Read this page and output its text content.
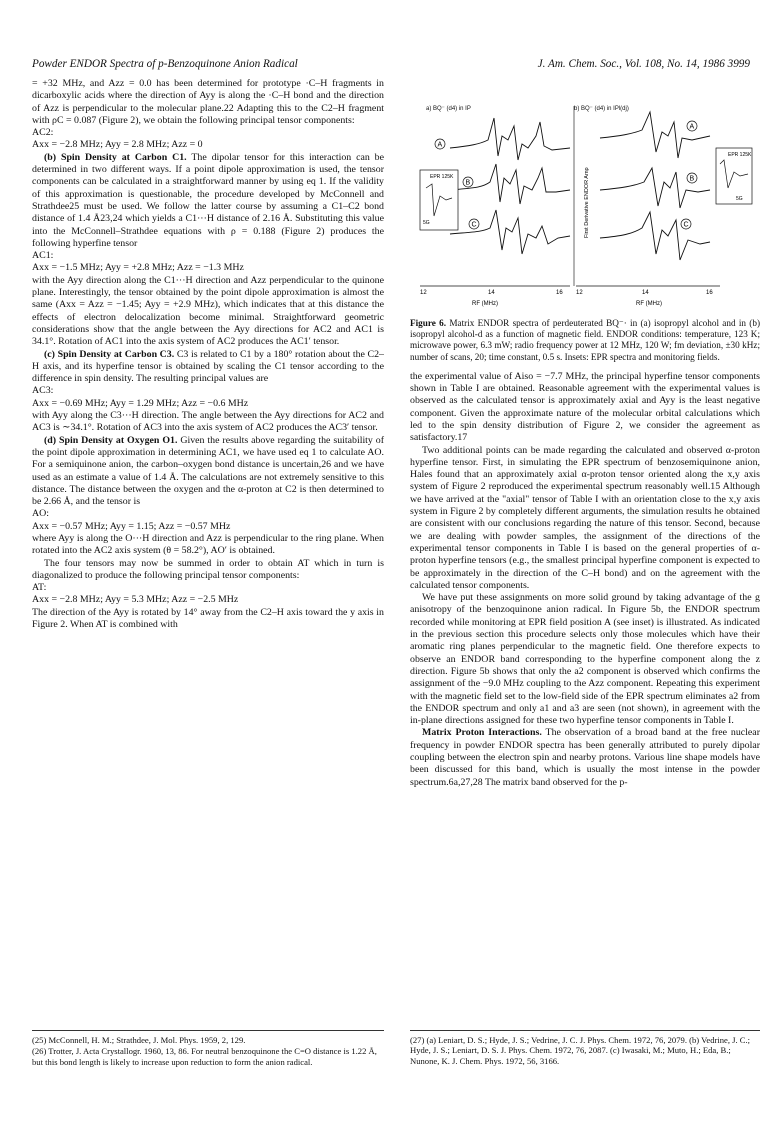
Powder ENDOR Spectra of p-Benzoquinone Anion Radical	J. Am. Chem. Soc., Vol. 108, No. 14, 1986 3999

= +32 MHz, and Azz = 0.0 has been determined for prototype ·C–H fragments in dicarboxylic acids where the direction of Ayy is along the ·C–H bond and the direction of Azz is perpendicular to the molecular plane.22 Adapting this to the C2–H fragment with ρC = 0.087 (Figure 2), we obtain the following principal tensor components:

AC2:

Axx = −2.8 MHz; Ayy = 2.8 MHz; Azz = 0

(b) Spin Density at Carbon C1. The dipolar tensor for this interaction can be determined in two different ways. If a point dipole approximation is used, the tensor components can be calculated in a straightforward manner by using eq 1. If the validity of this approximation is questionable, the procedure developed by McConnell and Strathdee25 must be used. We follow the latter course by assuming a C1–C2 bond distance of 1.4 Å23,24 which yields a C1···H distance of 2.16 Å. Substituting this value into the McConnell–Strathdee equations with ρ = 0.188 (Figure 2) produces the following hyperfine tensor

AC1:

Axx = −1.5 MHz; Ayy = +2.8 MHz; Azz = −1.3 MHz

with the Ayy direction along the C1···H direction and Azz perpendicular to the quinone plane. Interestingly, the tensor obtained by the point dipole approximation is almost the same (Axx = Azz = −1.45; Ayy = +2.9 MHz), which indicates that at this distance the effects of electron delocalization become minimal. Straightforward geometric considerations show that the angle between the Ayy directions for AC2 and AC1 is 34.1°. Rotation of AC1 into the axis system of AC2 produces the AC1′ tensor.

(c) Spin Density at Carbon C3. C3 is related to C1 by a 180° rotation about the C2–H axis, and its hyperfine tensor is obtained by scaling the C1 tensor according to the difference in spin density. The resulting principal values are

AC3:

Axx = −0.69 MHz; Ayy = 1.29 MHz; Azz = −0.6 MHz

with Ayy along the C3···H direction. The angle between the Ayy directions for AC2 and AC3 is ∼34.1°. Rotation of AC3 into the axis system of AC2 produces the AC3′ tensor.

(d) Spin Density at Oxygen O1. Given the results above regarding the suitability of the point dipole approximation in determining AC1, we have used eq 1 to calculate AO. For a semiquinone anion, the carbon–oxygen bond distance is uncertain,26 and we have used as an estimate a value of 1.4 Å. The calculations are not extremely sensitive to this distance. The distance between the oxygen and the α-proton at C2 is then determined to be 2.66 Å, and the tensor is

AO:

Axx = −0.57 MHz; Ayy = 1.15; Azz = −0.57 MHz

where Ayy is along the O···H direction and Azz is perpendicular to the ring plane. When rotated into the AC2 axis system (θ = 58.2°), AO′ is obtained.

The four tensors may now be summed in order to obtain AT which in turn is diagonalized to produce the following principal tensor components:

AT:

Axx = −2.8 MHz; Ayy = 5.3 MHz; Azz = −2.5 MHz

The direction of the Ayy is rotated by 14° away from the C2–H axis toward the y axis in Figure 2. When AT is combined with

a) BQ⁻ (d4) in IP	b) BQ⁻ (d4) in IPl(dj)
First Derivative ENDOR Amp
A
B
C
EPR 125K
5G
12	14	16
RF (MHz)
A
B
C
EPR 125K
5G
12	14	16
RF (MHz)

Figure 6. Matrix ENDOR spectra of perdeuterated BQ⁻· in (a) isopropyl alcohol and in (b) isopropyl alcohol-d as a function of magnetic field. ENDOR conditions: temperature, 123 K; microwave power, 6.3 mW; radio frequency power at 12 MHz, 120 W; fm deviation, ±30 kHz; number of scans, 20; time constant, 0.5 s. Insets: EPR spectra and monitoring fields.

the experimental value of Aiso = −7.7 MHz, the principal hyperfine tensor components shown in Table I are obtained. Reasonable agreement with the experimental values is observed as the calculated tensor is approximately axial and Ayy is the least negative component. Given the approximate nature of the molecular orbital calculations which led to the spin density distribution of Figure 2, we consider the agreement as satisfactory.17

Two additional points can be made regarding the calculated and observed α-proton hyperfine tensor. First, in simulating the EPR spectrum of benzosemiquinone anion, Hales found that an approximately axial α-proton tensor oriented along the x,y axis system of Figure 2 reproduced the experimental spectrum reasonably well.15 Although we have arrived at the "axial" tensor of Table I with an orientation close to the x,y axis system in Figure 2 by completely different arguments, the simulation results he obtained are consistent with our conclusions regarding the nature of this tensor. Second, because we are dealing with powder samples, the assignment of the directions of the experimental tensor components in Table I is based on the general properties of α-proton hyperfine tensors (e.g., the smallest principal hyperfine component is expected to be approximately in the direction of the C–H bond) and on the agreement with the calculated tensor components.

We have put these assignments on more solid ground by taking advantage of the g anisotropy of the benzoquinone anion radical. In Figure 5b, the ENDOR spectrum recorded while monitoring at EPR field position A (see inset) is illustrated. As indicated in the previous section this procedure selects only those molecules which have their aromatic ring planes perpendicular to the magnetic field. One therefore expects to observe an ENDOR band corresponding to the hyperfine component along the z direction. Figure 5b shows that only the a2 component is observed which confirms the assignment of the −9.0 MHz coupling to the Azz component. Repeating this experiment with the magnetic field set to the low-field side of the EPR spectrum eliminates a2 from the ENDOR spectrum and only a1 and a3 are seen (not shown), in agreement with the in-plane directions assigned for these two hyperfine tensor components in Table I.

Matrix Proton Interactions. The observation of a broad band at the free nuclear frequency in powder ENDOR spectra has been generally attributed to purely dipolar coupling between the electron spin and nearby protons. Various line shape models have been discussed for this band, which is usually the most intense in the powder spectrum.6a,27,28 The matrix band observed for the p-

(25) McConnell, H. M.; Strathdee, J. Mol. Phys. 1959, 2, 129.

(26) Trotter, J. Acta Crystallogr. 1960, 13, 86. For neutral benzoquinone the C=O distance is 1.22 Å, but this bond length is likely to increase upon reduction to form the anion radical.

(27) (a) Leniart, D. S.; Hyde, J. S.; Vedrine, J. C. J. Phys. Chem. 1972, 76, 2079. (b) Vedrine, J. C.; Hyde, J. S.; Leniart, D. S. J. Phys. Chem. 1972, 76, 2087. (c) Iwasaki, M.; Muto, H.; Eda, B.; Nunone, K. J. Chem. Phys. 1972, 56, 3166.
